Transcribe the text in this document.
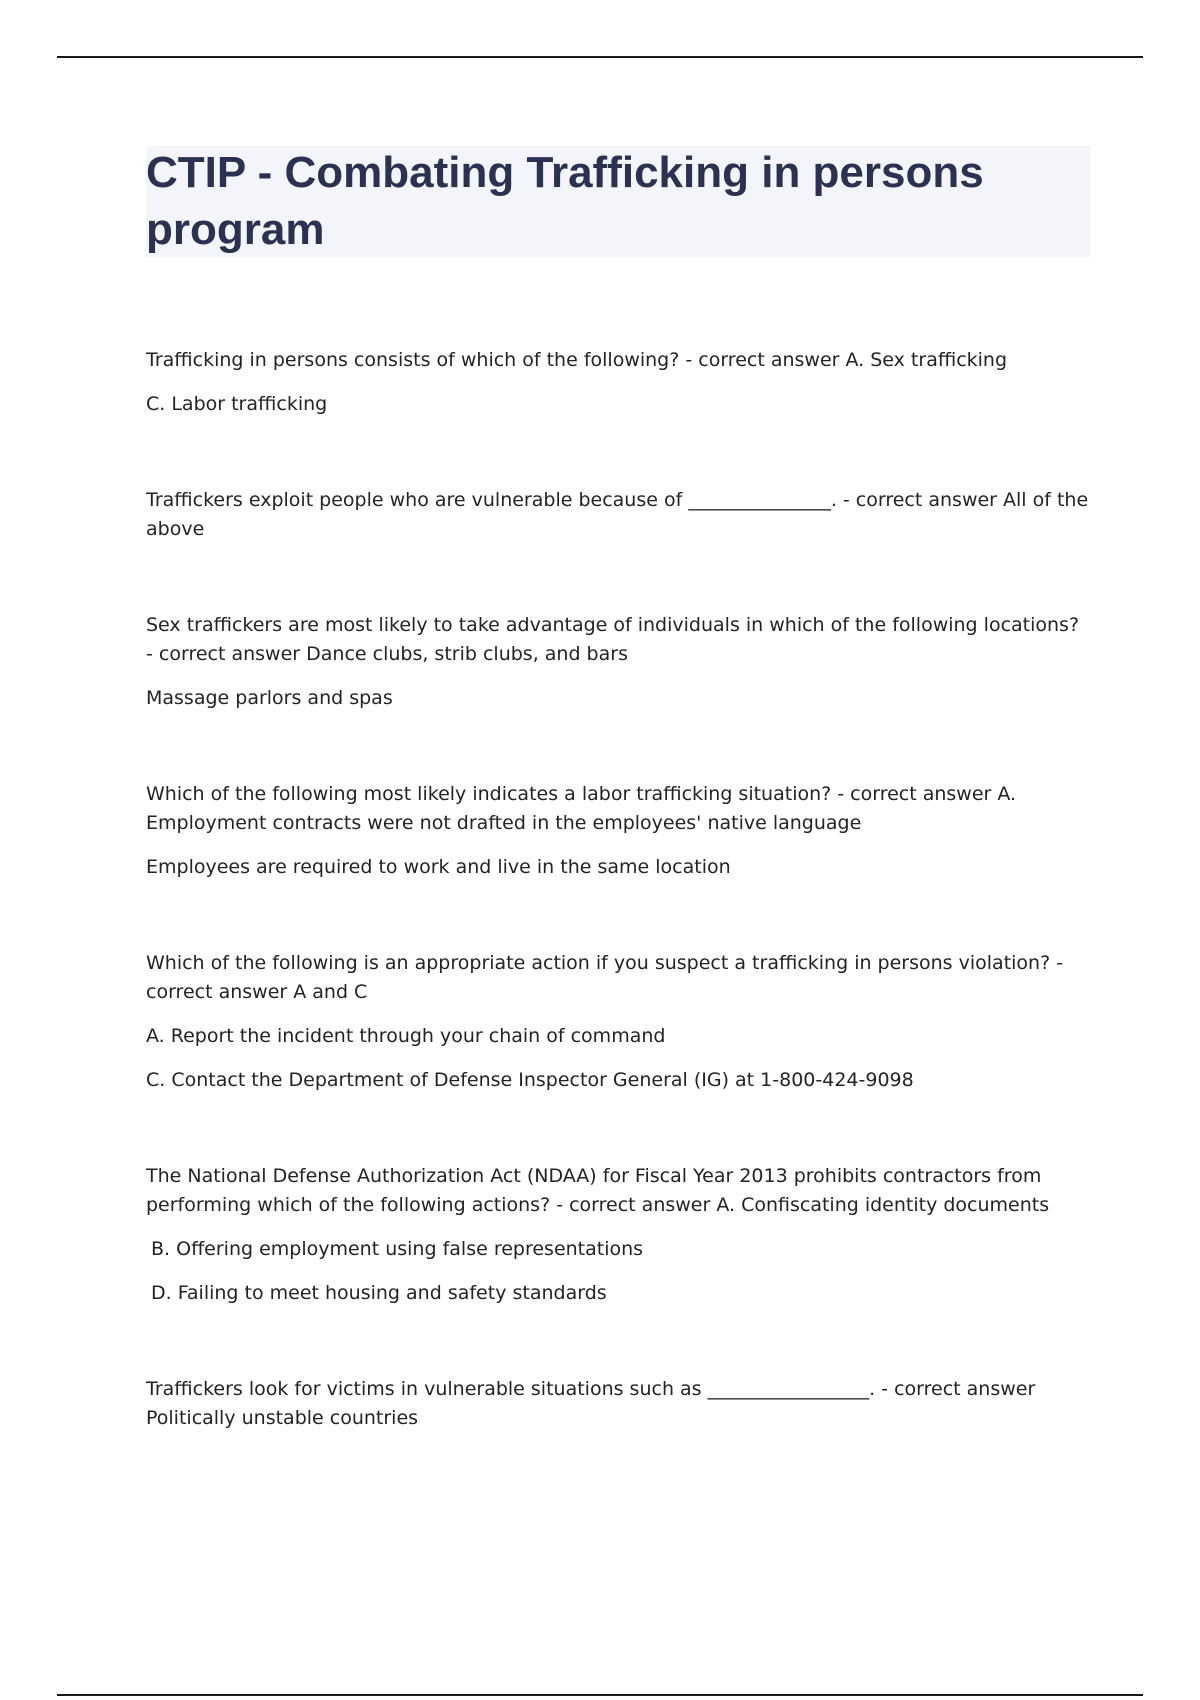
CTIP - Combating Trafficking in persons program

Trafficking in persons consists of which of the following? - correct answer A. Sex trafficking

C. Labor trafficking

Traffickers exploit people who are vulnerable because of _______________. - correct answer All of the above

Sex traffickers are most likely to take advantage of individuals in which of the following locations? - correct answer Dance clubs, strib clubs, and bars

Massage parlors and spas

Which of the following most likely indicates a labor trafficking situation? - correct answer A. Employment contracts were not drafted in the employees' native language

Employees are required to work and live in the same location

Which of the following is an appropriate action if you suspect a trafficking in persons violation? - correct answer A and C

A. Report the incident through your chain of command

C. Contact the Department of Defense Inspector General (IG) at 1-800-424-9098

The National Defense Authorization Act (NDAA) for Fiscal Year 2013 prohibits contractors from performing which of the following actions? - correct answer A. Confiscating identity documents

B. Offering employment using false representations

D. Failing to meet housing and safety standards

Traffickers look for victims in vulnerable situations such as _________________. - correct answer Politically unstable countries
